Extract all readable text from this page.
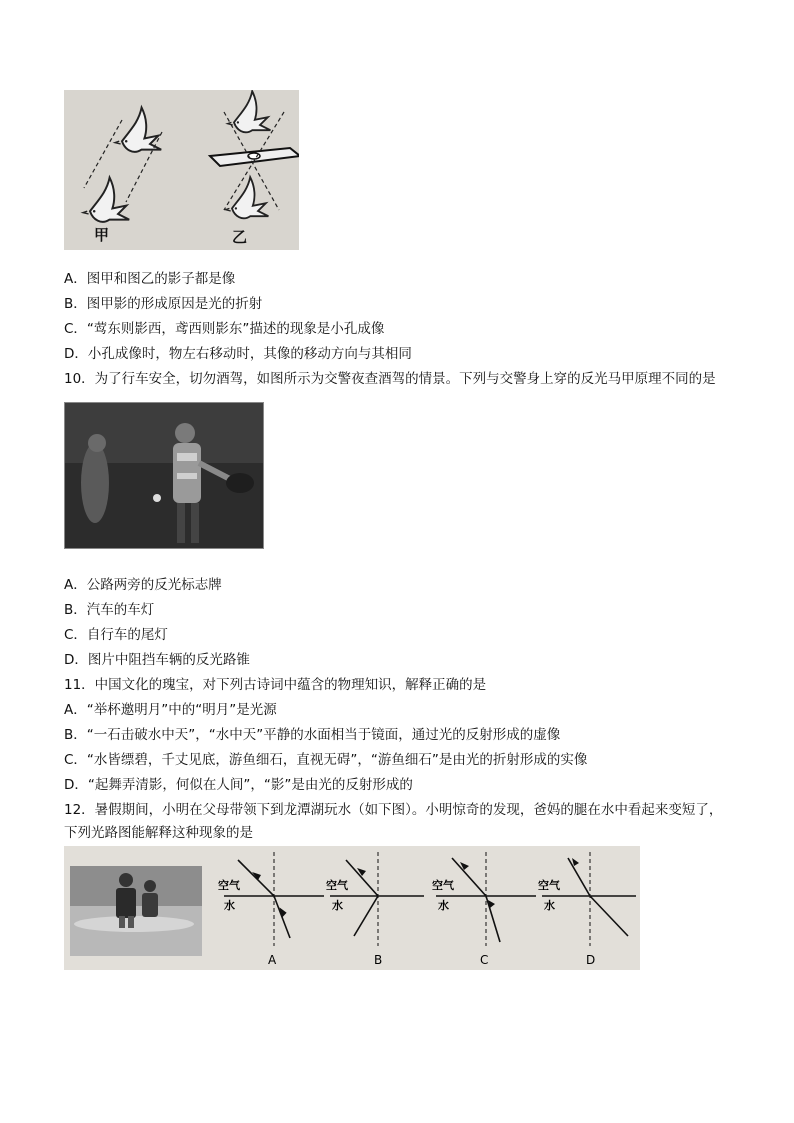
甲	乙
A．图甲和图乙的影子都是像
B．图甲影的形成原因是光的折射
C．“莺东则影西，鸢西则影东”描述的现象是小孔成像
D．小孔成像时，物左右移动时，其像的移动方向与其相同
10．为了行车安全，切勿酒驾，如图所示为交警夜查酒驾的情景。下列与交警身上穿的反光马甲原理不同的是
A．公路两旁的反光标志牌
B．汽车的车灯
C．自行车的尾灯
D．图片中阻挡车辆的反光路锥
11．中国文化的瑰宝，对下列古诗词中蕴含的物理知识，解释正确的是
A．“举杯邀明月”中的“明月”是光源
B．“一石击破水中天”，“水中天”平静的水面相当于镜面，通过光的反射形成的虚像
C．“水皆缥碧，千丈见底，游鱼细石，直视无碍”，“游鱼细石”是由光的折射形成的实像
D．“起舞弄清影，何似在人间”，“影”是由光的反射形成的
12．暑假期间，小明在父母带领下到龙潭湖玩水（如下图）。小明惊奇的发现，爸妈的腿在水中看起来变短了，
下列光路图能解释这种现象的是
空气
水
A
空气
水
B
空气
水
C
空气
水
D
